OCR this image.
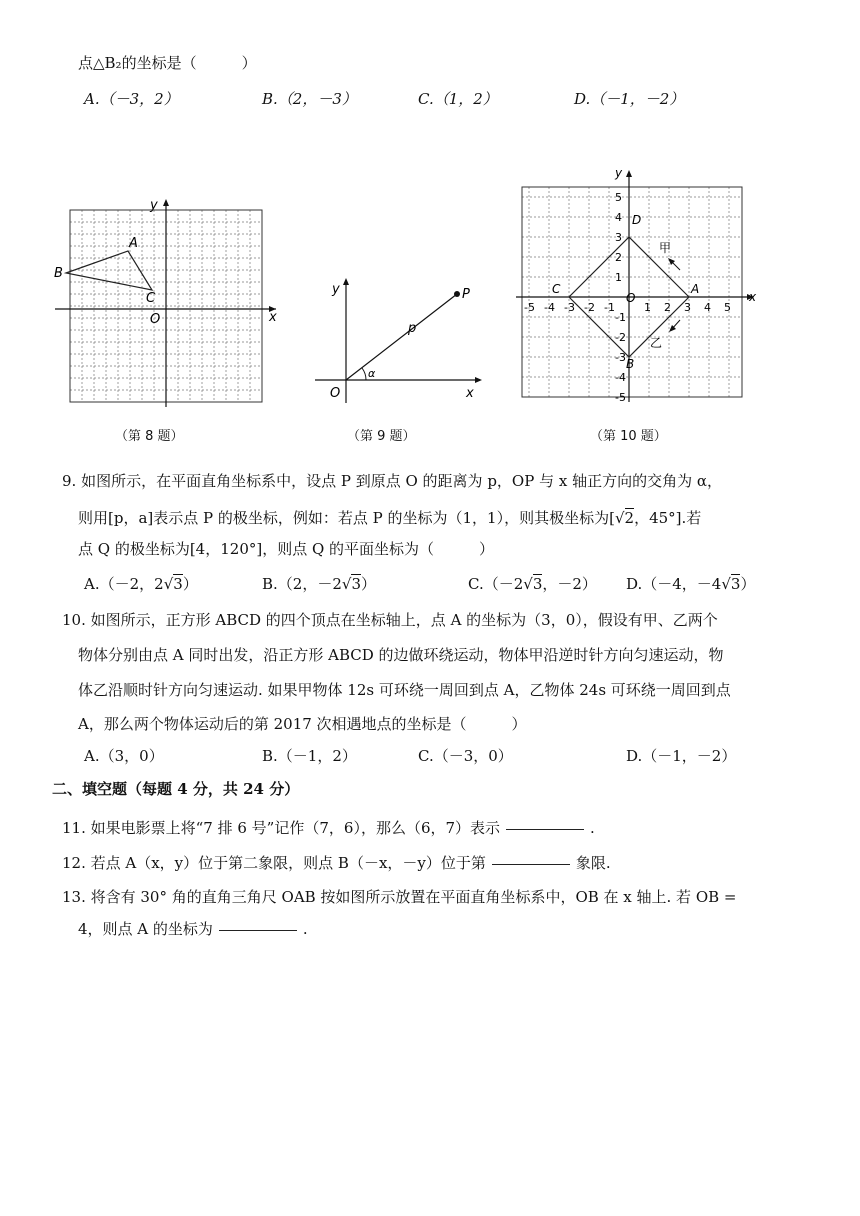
点△B₂的坐标是（　　　）
A.（－3，2）	B.（2，－3）	C.（1，2）	D.（－1，－2）
A
B
C
O	x
y
（第 8 题）
P
O
p
α
x
y
（第 9 题）
-5 -4 -3 -2 -1	1 2 3 4 5
5
4
3
2
1
-1
-2
-3
-4
-5
A
B
C
D
O	x
y
甲
乙
（第 10 题）
9. 如图所示，在平面直角坐标系中，设点 P 到原点 O 的距离为 p，OP 与 x 轴正方向的交角为 α，
则用[p，a]表示点 P 的极坐标，例如：若点 P 的坐标为（1，1），则其极坐标为[√2，45°].若
点 Q 的极坐标为[4，120°]，则点 Q 的平面坐标为（　　　）
A.（－2，2√3）	B.（2，－2√3）	C.（－2√3，－2） D.（－4，－4√3）
10. 如图所示，正方形 ABCD 的四个顶点在坐标轴上，点 A 的坐标为（3，0），假设有甲、乙两个
物体分别由点 A 同时出发，沿正方形 ABCD 的边做环绕运动，物体甲沿逆时针方向匀速运动，物
体乙沿顺时针方向匀速运动. 如果甲物体 12s 可环绕一周回到点 A，乙物体 24s 可环绕一周回到点
A，那么两个物体运动后的第 2017 次相遇地点的坐标是（　　　）
A.（3，0）	B.（－1，2）	C.（－3，0）	D.（－1，－2）
二、填空题（每题 4 分，共 24 分）
11. 如果电影票上将“7 排 6 号”记作（7，6），那么（6，7）表示	.
12. 若点 A（x，y）位于第二象限，则点 B（－x，－y）位于第	象限.
13. 将含有 30° 角的直角三角尺 OAB 按如图所示放置在平面直角坐标系中，OB 在 x 轴上. 若 OB =
4，则点 A 的坐标为	.
